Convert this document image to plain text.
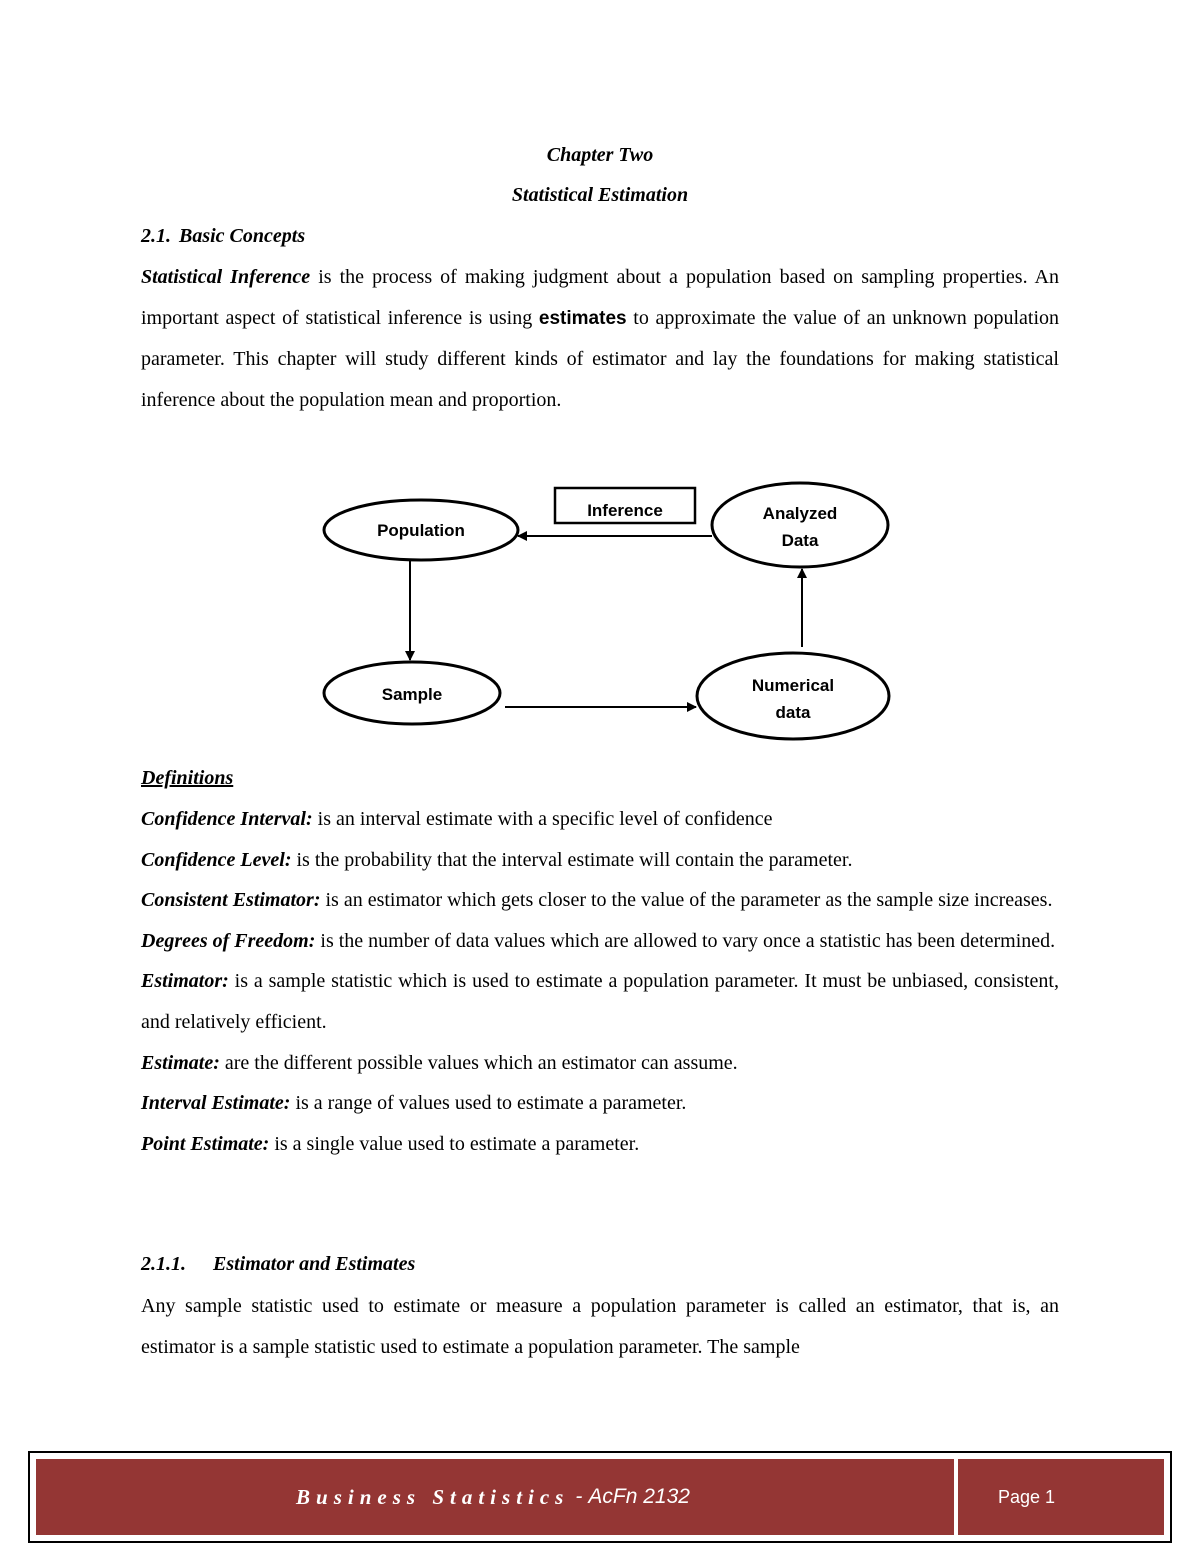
Chapter Two
Statistical Estimation
2.1. Basic Concepts
Statistical Inference is the process of making judgment about a population based on sampling properties. An important aspect of statistical inference is using estimates to approximate the value of an unknown population parameter. This chapter will study different kinds of estimator and lay the foundations for making statistical inference about the population mean and proportion.
Population
Inference	Analyzed
Data
Sample	Numerical
data
Definitions

Confidence Interval: is an interval estimate with a specific level of confidence

Confidence Level: is the probability that the interval estimate will contain the parameter.

Consistent Estimator: is an estimator which gets closer to the value of the parameter as the sample size increases.

Degrees of Freedom: is the number of data values which are allowed to vary once a statistic has been determined.

Estimator: is a sample statistic which is used to estimate a population parameter. It must be unbiased, consistent, and relatively efficient.

Estimate: are the different possible values which an estimator can assume.

Interval Estimate: is a range of values used to estimate a parameter.

Point Estimate: is a single value used to estimate a parameter.

2.1.1. Estimator and Estimates
Any sample statistic used to estimate or measure a population parameter is called an estimator, that is, an estimator is a sample statistic used to estimate a population parameter. The sample
Business Statistics - AcFn 2132	Page 1
